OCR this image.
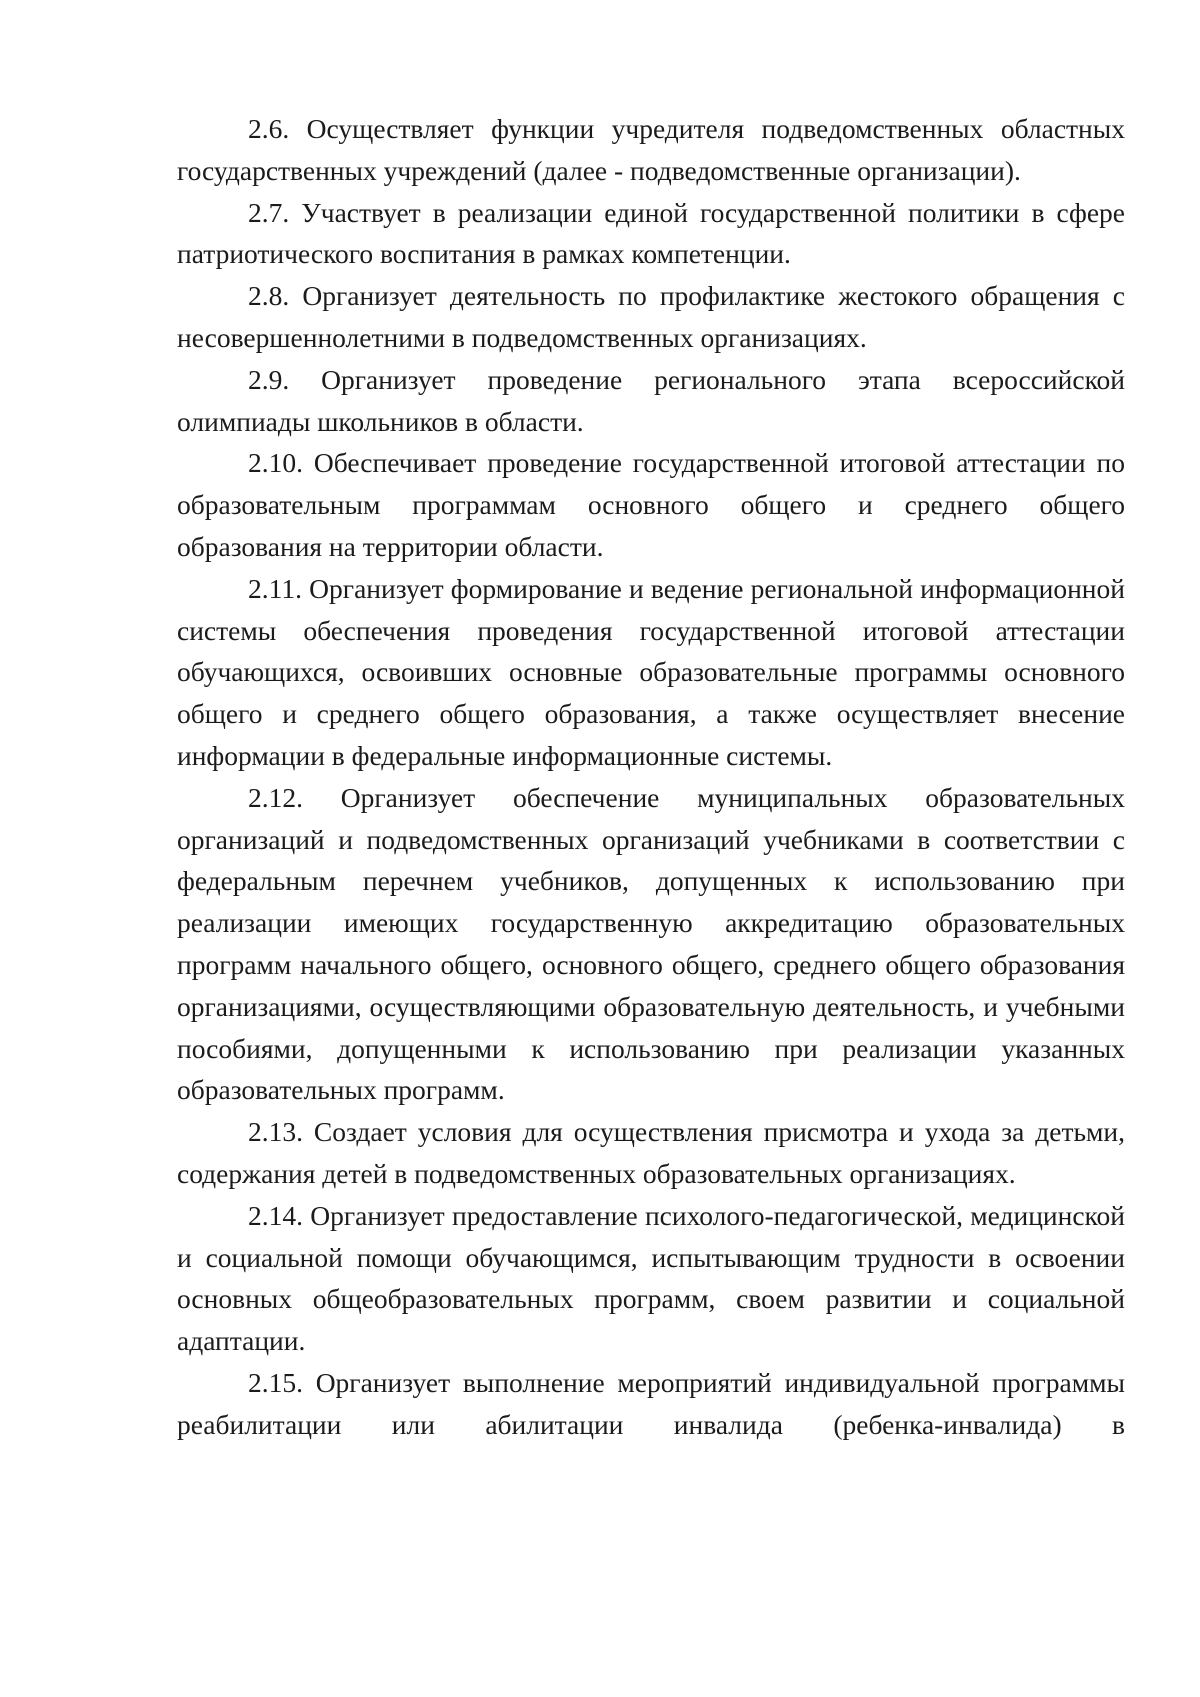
2.6. Осуществляет функции учредителя подведомственных областных государственных учреждений (далее - подведомственные организации).

2.7. Участвует в реализации единой государственной политики в сфере патриотического воспитания в рамках компетенции.

2.8. Организует деятельность по профилактике жестокого обращения с несовершеннолетними в подведомственных организациях.

2.9. Организует проведение регионального этапа всероссийской олимпиады школьников в области.

2.10. Обеспечивает проведение государственной итоговой аттестации по образовательным программам основного общего и среднего общего образования на территории области.

2.11. Организует формирование и ведение региональной информационной системы обеспечения проведения государственной итоговой аттестации обучающихся, освоивших основные образовательные программы основного общего и среднего общего образования, а также осуществляет внесение информации в федеральные информационные системы.

2.12. Организует обеспечение муниципальных образовательных организаций и подведомственных организаций учебниками в соответствии с федеральным перечнем учебников, допущенных к использованию при реализации имеющих государственную аккредитацию образовательных программ начального общего, основного общего, среднего общего образования организациями, осуществляющими образовательную деятельность, и учебными пособиями, допущенными к использованию при реализации указанных образовательных программ.

2.13. Создает условия для осуществления присмотра и ухода за детьми, содержания детей в подведомственных образовательных организациях.

2.14. Организует предоставление психолого-педагогической, медицинской и социальной помощи обучающимся, испытывающим трудности в освоении основных общеобразовательных программ, своем развитии и социальной адаптации.

2.15. Организует выполнение мероприятий индивидуальной программы реабилитации или абилитации инвалида (ребенка-инвалида) в
